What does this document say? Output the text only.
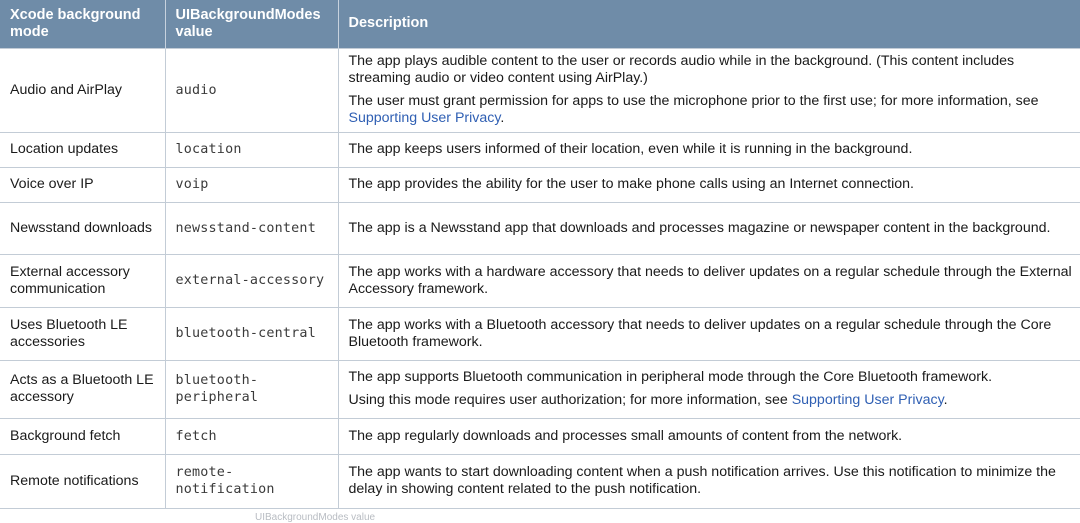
Xcode background mode	UIBackgroundModes value	Description
Audio and AirPlay	audio	The app plays audible content to the user or records audio while in the background. (This content includes streaming audio or video content using AirPlay.)

The user must grant permission for apps to use the microphone prior to the first use; for more information, see Supporting User Privacy.

Location updates	location	The app keeps users informed of their location, even while it is running in the background.

Voice over IP	voip	The app provides the ability for the user to make phone calls using an Internet connection.

Newsstand downloads	newsstand-content	The app is a Newsstand app that downloads and processes magazine or newspaper content in the background.

External accessory communication	external-accessory	The app works with a hardware accessory that needs to deliver updates on a regular schedule through the External Accessory framework.

Uses Bluetooth LE accessories	bluetooth-central	The app works with a Bluetooth accessory that needs to deliver updates on a regular schedule through the Core Bluetooth framework.

Acts as a Bluetooth LE accessory	bluetooth-peripheral	The app supports Bluetooth communication in peripheral mode through the Core Bluetooth framework.

Using this mode requires user authorization; for more information, see Supporting User Privacy.

Background fetch	fetch	The app regularly downloads and processes small amounts of content from the network.

Remote notifications	remote-notification	The app wants to start downloading content when a push notification arrives. Use this notification to minimize the delay in showing content related to the push notification.

UIBackgroundModes value
